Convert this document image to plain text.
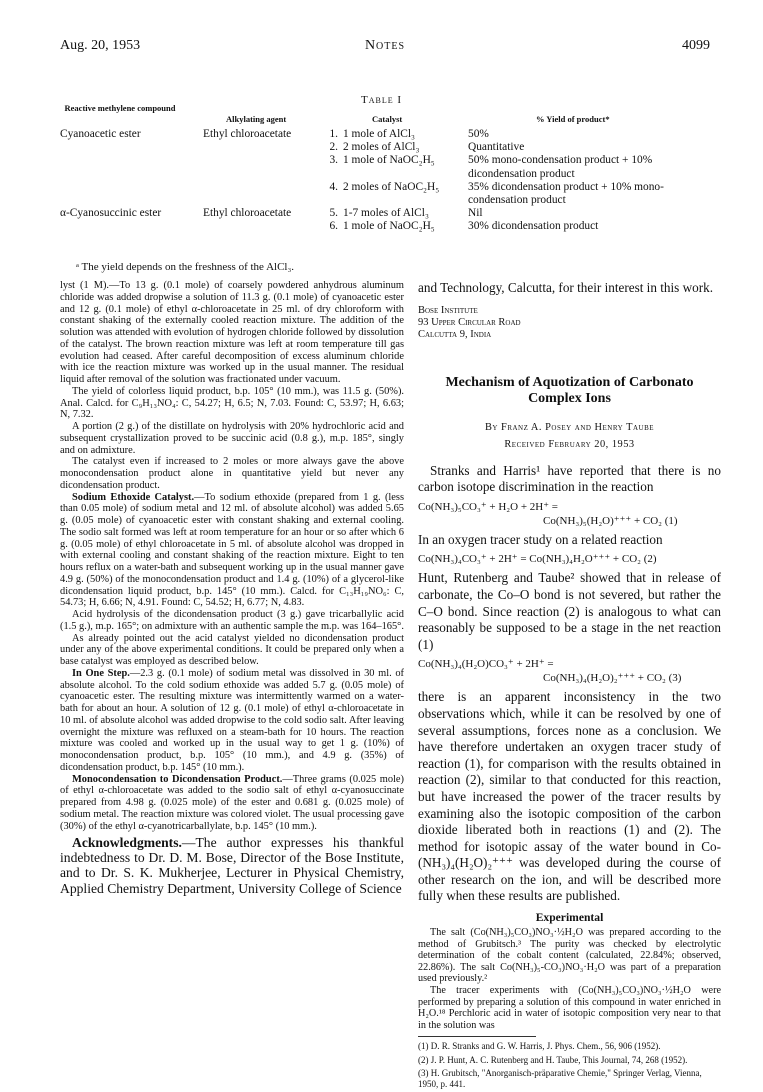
Aug. 20, 1953	Notes	4099
Table I
Reactive methylene compound
Alkylating agent	Catalyst	% Yield of product*
Cyanoacetic ester	Ethyl chloroacetate	1. 1 mole of AlCl₃	50%
2. 2 moles of AlCl₃	Quantitative
3. 1 mole of NaOC₂H₅	50% mono-condensation product + 10%
dicondensation product
4. 2 moles of NaOC₂H₅	35% dicondensation product + 10% mono-
condensation product
α-Cyanosuccinic ester	Ethyl chloroacetate	5. 1-7 moles of AlCl₃	Nil
6. 1 mole of NaOC₂H₅	30% dicondensation product
ᵃ The yield depends on the freshness of the AlCl₃.

lyst (1 M).—To 13 g. (0.1 mole) of coarsely powdered anhydrous aluminum chloride was added dropwise a solution of 11.3 g. (0.1 mole) of cyanoacetic ester and 12 g. (0.1 mole) of ethyl α-chloroacetate in 25 ml. of dry chloroform with constant shaking of the externally cooled reaction mixture. The addition of the solution was attended with evolution of hydrogen chloride followed by dissolution of the catalyst. The brown reaction mixture was left at room temperature till gas evolution had ceased. After careful decomposition of excess aluminum chloride with ice the reaction mixture was worked up in the usual manner. The residual liquid after removal of the solution was fractionated under vacuum.

The yield of colorless liquid product, b.p. 105° (10 mm.), was 11.5 g. (50%). Anal. Calcd. for C₉H₁₃NO₄: C, 54.27; H, 6.5; N, 7.03. Found: C, 53.97; H, 6.63; N, 7.32.

A portion (2 g.) of the distillate on hydrolysis with 20% hydrochloric acid and subsequent crystallization proved to be succinic acid (0.8 g.), m.p. 185°, singly and on admixture.

The catalyst even if increased to 2 moles or more always gave the above monocondensation product alone in quantitative yield but never any dicondensation product.

Sodium Ethoxide Catalyst.—To sodium ethoxide (prepared from 1 g. (less than 0.05 mole) of sodium metal and 12 ml. of absolute alcohol) was added 5.65 g. (0.05 mole) of cyanoacetic ester with constant shaking and external cooling. The sodio salt formed was left at room temperature for an hour or so after which 6 g. (0.05 mole) of ethyl chloroacetate in 5 ml. of absolute alcohol was dropped in with external cooling and constant shaking of the reaction mixture. Eight to ten hours reflux on a water-bath and subsequent working up in the usual manner gave 4.9 g. (50%) of the monocondensation product and 1.4 g. (10%) of a glycerol-like dicondensation liquid product, b.p. 145° (10 mm.). Calcd. for C₁₃H₁₉NO₆: C, 54.73; H, 6.66; N, 4.91. Found: C, 54.52; H, 6.77; N, 4.83.

Acid hydrolysis of the dicondensation product (3 g.) gave tricarballylic acid (1.5 g.), m.p. 165°; on admixture with an authentic sample the m.p. was 164–165°.

As already pointed out the acid catalyst yielded no dicondensation product under any of the above experimental conditions. It could be prepared only when a base catalyst was employed as described below.

In One Step.—2.3 g. (0.1 mole) of sodium metal was dissolved in 30 ml. of absolute alcohol. To the cold sodium ethoxide was added 5.7 g. (0.05 mole) of cyanoacetic ester. The resulting mixture was intermittently warmed on a water-bath for about an hour. A solution of 12 g. (0.1 mole) of ethyl α-chloroacetate in 10 ml. of absolute alcohol was added dropwise to the cold sodio salt. After leaving overnight the mixture was refluxed on a steam-bath for 10 hours. The reaction mixture was cooled and worked up in the usual way to get 1 g. (10%) of monocondensation product, b.p. 105° (10 mm.), and 4.9 g. (35%) of dicondensation product, b.p. 145° (10 mm.).

Monocondensation to Dicondensation Product.—Three grams (0.025 mole) of ethyl α-chloroacetate was added to the sodio salt of ethyl α-cyanosuccinate prepared from 4.98 g. (0.025 mole) of the ester and 0.681 g. (0.025 mole) of sodium metal. The reaction mixture was colored violet. The usual processing gave (30%) of the ethyl α-cyanotricarballylate, b.p. 145° (10 mm.).

Acknowledgments.—The author expresses his thankful indebtedness to Dr. D. M. Bose, Director of the Bose Institute, and to Dr. S. K. Mukherjee, Lecturer in Physical Chemistry, Applied Chemistry Department, University College of Science

and Technology, Calcutta, for their interest in this work.

Bose Institute
93 Upper Circular Road
Calcutta 9, India
Mechanism of Aquotization of Carbonato Complex Ions
By Franz A. Posey and Henry Taube
Received February 20, 1953

Stranks and Harris¹ have reported that there is no carbon isotope discrimination in the reaction

Co(NH₃)₅CO₃⁺ + H₂O + 2H⁺ =
Co(NH₃)₅(H₂O)⁺⁺⁺ + CO₂ (1)

In an oxygen tracer study on a related reaction

Co(NH₃)₄CO₃⁺ + 2H⁺ = Co(NH₃)₄H₂O⁺⁺⁺ + CO₂ (2)

Hunt, Rutenberg and Taube² showed that in release of carbonate, the Co–O bond is not severed, but rather the C–O bond. Since reaction (2) is analogous to what can reasonably be supposed to be a stage in the net reaction (1)

Co(NH₃)₄(H₂O)CO₃⁺ + 2H⁺ =
Co(NH₃)₄(H₂O)₂⁺⁺⁺ + CO₂ (3)

there is an apparent inconsistency in the two observations which, while it can be resolved by one of several assumptions, forces none as a conclusion. We have therefore undertaken an oxygen tracer study of reaction (1), for comparison with the results obtained in reaction (2), similar to that conducted for this reaction, but have increased the power of the tracer results by examining also the isotopic composition of the carbon dioxide liberated both in reactions (1) and (2). The method for isotopic assay of the water bound in Co-(NH₃)₄(H₂O)₂⁺⁺⁺ was developed during the course of other research on the ion, and will be described more fully when these results are published.

Experimental

The salt (Co(NH₃)₅CO₃)NO₃·½H₂O was prepared according to the method of Grubitsch.³ The purity was checked by electrolytic determination of the cobalt content (calculated, 22.84%; observed, 22.86%). The salt Co(NH₃)₅-CO₃)NO₃·H₂O was part of a preparation used previously.²

The tracer experiments with (Co(NH₃)₅CO₃)NO₃·½H₂O were performed by preparing a solution of this compound in water enriched in H₂O.¹⁸ Perchloric acid in water of isotopic composition very near to that in the solution was

(1) D. R. Stranks and G. W. Harris, J. Phys. Chem., 56, 906 (1952).

(2) J. P. Hunt, A. C. Rutenberg and H. Taube, This Journal, 74, 268 (1952).

(3) H. Grubitsch, "Anorganisch-präparative Chemie," Springer Verlag, Vienna, 1950, p. 441.
